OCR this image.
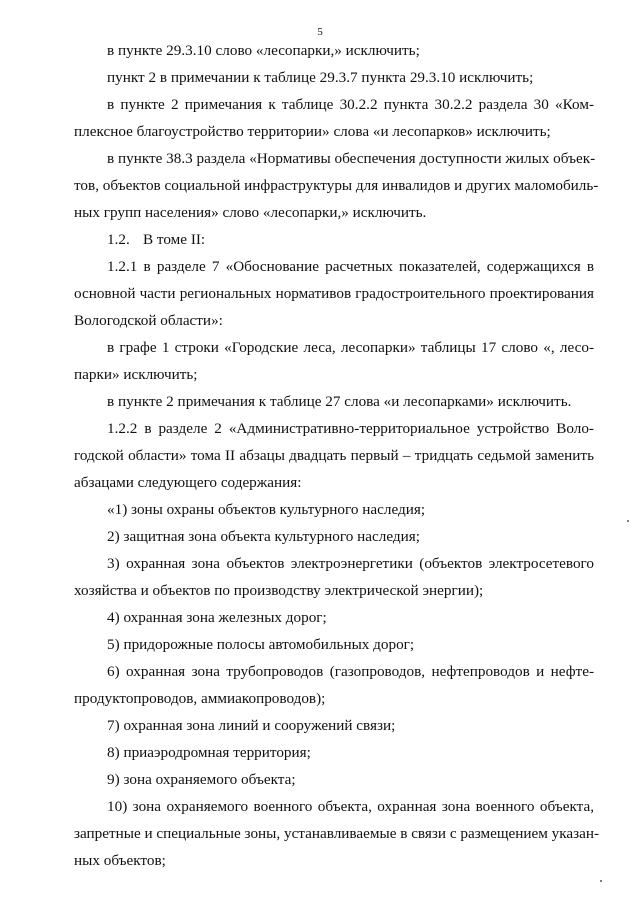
5
в пункте 29.3.10 слово «лесопарки,» исключить;
пункт 2 в примечании к таблице 29.3.7 пункта 29.3.10 исключить;
в пункте 2 примечания к таблице 30.2.2 пункта 30.2.2 раздела 30 «Ком-
плексное благоустройство территории» слова «и лесопарков» исключить;
в пункте 38.3 раздела «Нормативы обеспечения доступности жилых объек-
тов, объектов социальной инфраструктуры для инвалидов и других маломобиль-
ных групп населения» слово «лесопарки,» исключить.
1.2. В томе II:
1.2.1 в разделе 7 «Обоснование расчетных показателей, содержащихся в
основной части региональных нормативов градостроительного проектирования
Вологодской области»:
в графе 1 строки «Городские леса, лесопарки» таблицы 17 слово «, лесо-
парки» исключить;
в пункте 2 примечания к таблице 27 слова «и лесопарками» исключить.
1.2.2 в разделе 2 «Административно-территориальное устройство Воло-
годской области» тома II абзацы двадцать первый – тридцать седьмой заменить
абзацами следующего содержания:
«1) зоны охраны объектов культурного наследия;
2) защитная зона объекта культурного наследия;
3) охранная зона объектов электроэнергетики (объектов электросетевого
хозяйства и объектов по производству электрической энергии);
4) охранная зона железных дорог;
5) придорожные полосы автомобильных дорог;
6) охранная зона трубопроводов (газопроводов, нефтепроводов и нефте-
продуктопроводов, аммиакопроводов);
7) охранная зона линий и сооружений связи;
8) приаэродромная территория;
9) зона охраняемого объекта;
10) зона охраняемого военного объекта, охранная зона военного объекта,
запретные и специальные зоны, устанавливаемые в связи с размещением указан-
ных объектов;
